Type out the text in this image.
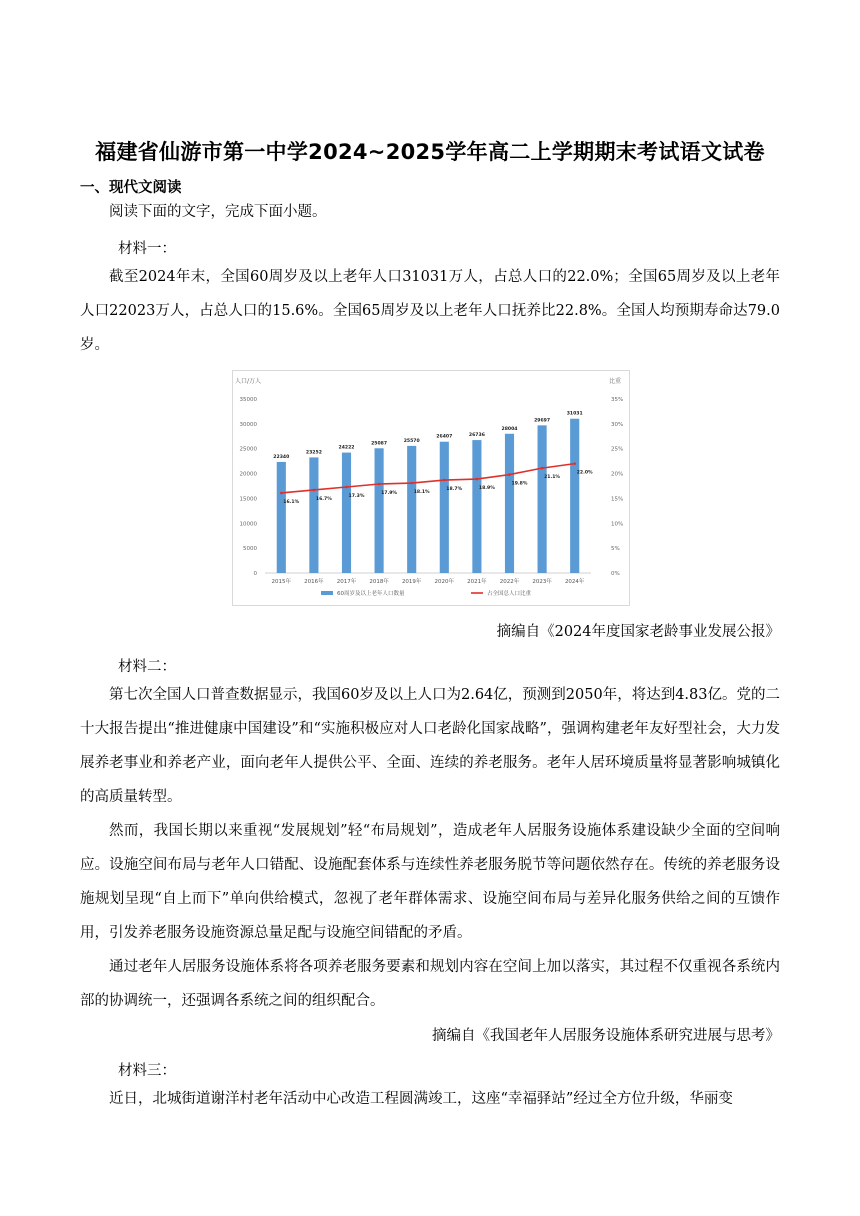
福建省仙游市第一中学2024~2025学年高二上学期期末考试语文试卷
一、现代文阅读
阅读下面的文字，完成下面小题。
材料一：
截至2024年末，全国60周岁及以上老年人口31031万人，占总人口的22.0%；全国65周岁及以上老年人口22023万人，占总人口的15.6%。全国65周岁及以上老年人口抚养比22.8%。全国人均预期寿命达79.0岁。
人口/万人	比重
0
5000
10000
15000
20000
25000
30000
35000
0%
5%
10%
15%
20%
25%
30%
35%
22340
2015年
23252
2016年
24222
2017年
25087
2018年
25570
2019年
26407
2020年
26736
2021年
28004
2022年
29697
2023年
31031
2024年
16.1%
16.7%
17.3%
17.9%	18.1%
18.7%	18.9%
19.8%
21.1%
22.0%
60周岁及以上老年人口数量	占全国总人口比重
摘编自《2024年度国家老龄事业发展公报》
材料二：
第七次全国人口普查数据显示，我国60岁及以上人口为2.64亿，预测到2050年，将达到4.83亿。党的二十大报告提出“推进健康中国建设”和“实施积极应对人口老龄化国家战略”，强调构建老年友好型社会，大力发展养老事业和养老产业，面向老年人提供公平、全面、连续的养老服务。老年人居环境质量将显著影响城镇化的高质量转型。
然而，我国长期以来重视“发展规划”轻“布局规划”，造成老年人居服务设施体系建设缺少全面的空间响应。设施空间布局与老年人口错配、设施配套体系与连续性养老服务脱节等问题依然存在。传统的养老服务设施规划呈现“自上而下”单向供给模式，忽视了老年群体需求、设施空间布局与差异化服务供给之间的互馈作用，引发养老服务设施资源总量足配与设施空间错配的矛盾。
通过老年人居服务设施体系将各项养老服务要素和规划内容在空间上加以落实，其过程不仅重视各系统内部的协调统一，还强调各系统之间的组织配合。
摘编自《我国老年人居服务设施体系研究进展与思考》
材料三：
近日，北城街道谢洋村老年活动中心改造工程圆满竣工，这座“幸福驿站”经过全方位升级，华丽变
